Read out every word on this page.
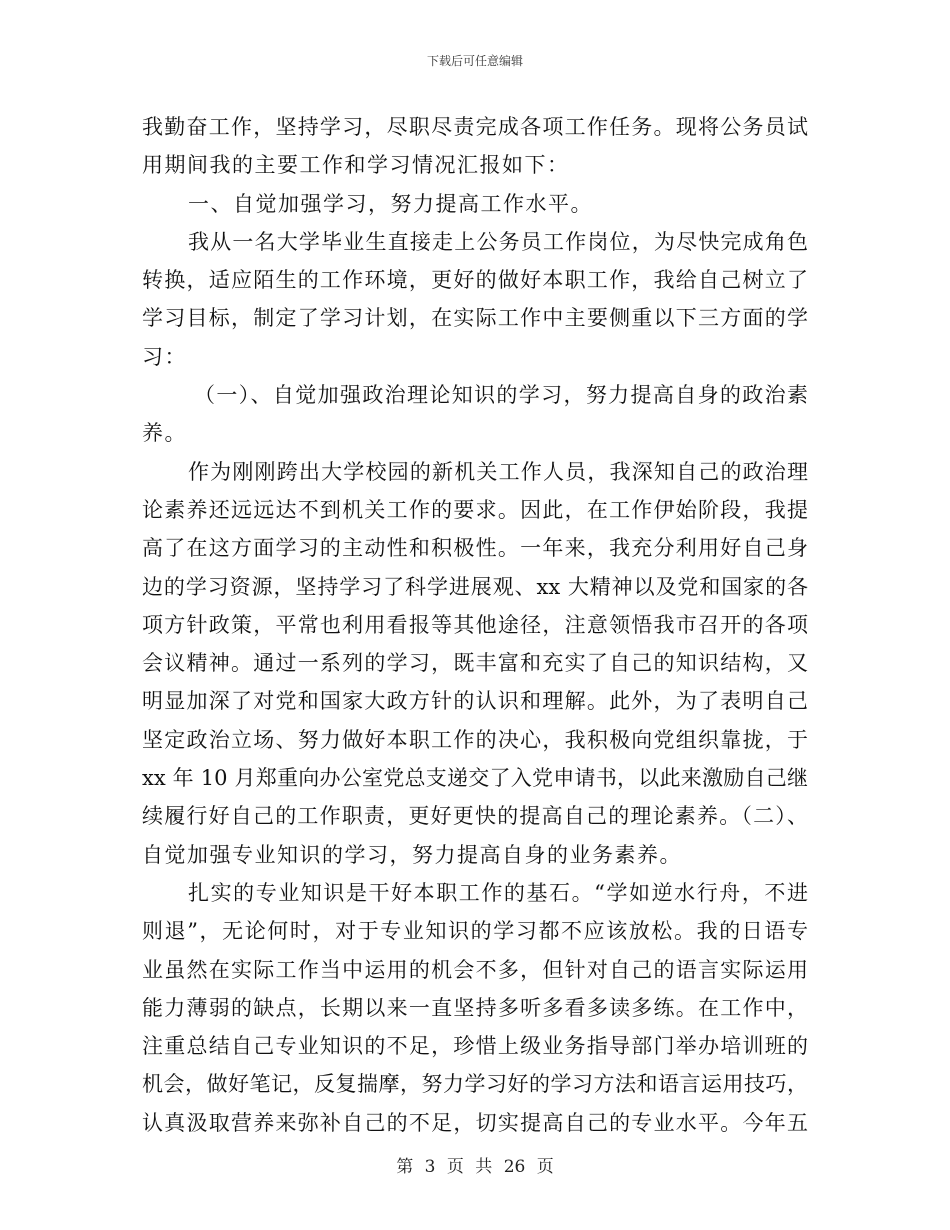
下载后可任意编辑
我勤奋工作，坚持学习，尽职尽责完成各项工作任务。现将公务员试
用期间我的主要工作和学习情况汇报如下：
一、自觉加强学习，努力提高工作水平。
我从一名大学毕业生直接走上公务员工作岗位，为尽快完成角色
转换，适应陌生的工作环境，更好的做好本职工作，我给自己树立了
学习目标，制定了学习计划，在实际工作中主要侧重以下三方面的学
习：
（一）、自觉加强政治理论知识的学习，努力提高自身的政治素
养。
作为刚刚跨出大学校园的新机关工作人员，我深知自己的政治理
论素养还远远达不到机关工作的要求。因此，在工作伊始阶段，我提
高了在这方面学习的主动性和积极性。一年来，我充分利用好自己身
边的学习资源，坚持学习了科学进展观、xx 大精神以及党和国家的各
项方针政策，平常也利用看报等其他途径，注意领悟我市召开的各项
会议精神。通过一系列的学习，既丰富和充实了自己的知识结构，又
明显加深了对党和国家大政方针的认识和理解。此外，为了表明自己
坚定政治立场、努力做好本职工作的决心，我积极向党组织靠拢，于
xx 年 10 月郑重向办公室党总支递交了入党申请书，以此来激励自己继
续履行好自己的工作职责，更好更快的提高自己的理论素养。（二）、
自觉加强专业知识的学习，努力提高自身的业务素养。
扎实的专业知识是干好本职工作的基石。“学如逆水行舟，不进
则退”，无论何时，对于专业知识的学习都不应该放松。我的日语专
业虽然在实际工作当中运用的机会不多，但针对自己的语言实际运用
能力薄弱的缺点，长期以来一直坚持多听多看多读多练。在工作中，
注重总结自己专业知识的不足，珍惜上级业务指导部门举办培训班的
机会，做好笔记，反复揣摩，努力学习好的学习方法和语言运用技巧，
认真汲取营养来弥补自己的不足，切实提高自己的专业水平。今年五
第 3 页 共 26 页
